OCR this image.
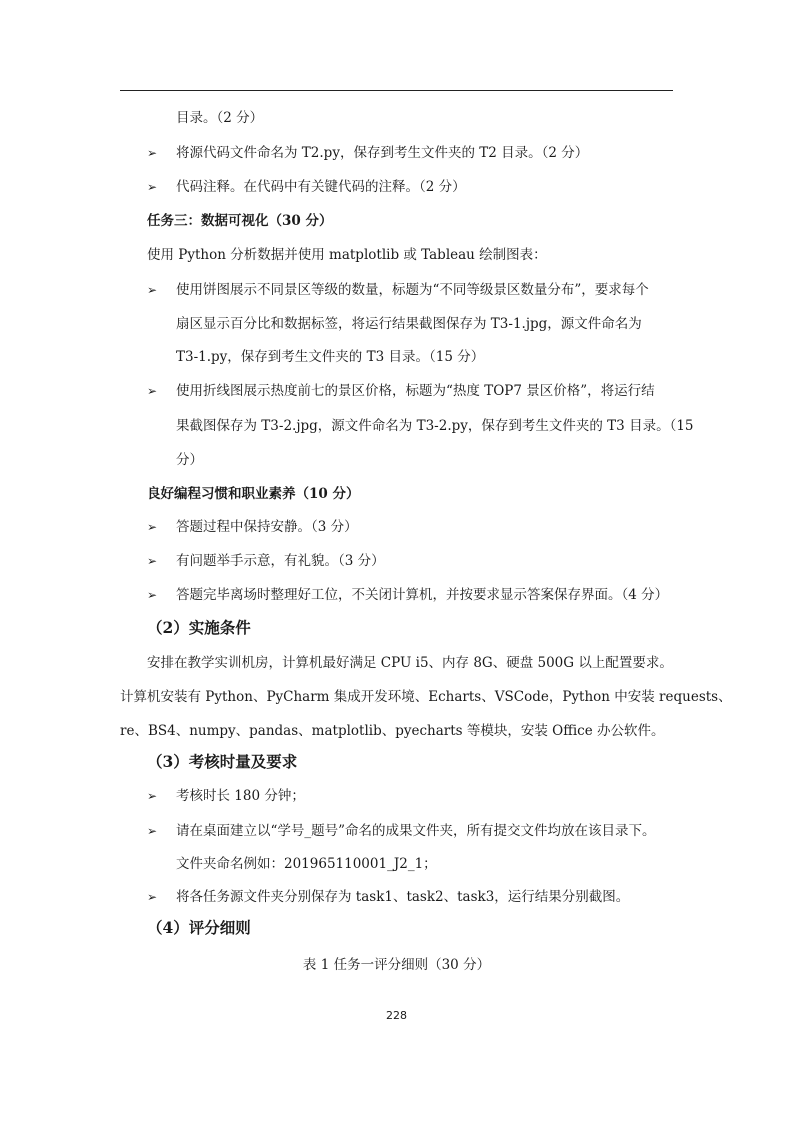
目录。（2 分）
➢ 将源代码文件命名为 T2.py，保存到考生文件夹的 T2 目录。（2 分）
➢ 代码注释。在代码中有关键代码的注释。（2 分）
任务三：数据可视化（30 分）
使用 Python 分析数据并使用 matplotlib 或 Tableau 绘制图表：
➢ 使用饼图展示不同景区等级的数量，标题为“不同等级景区数量分布”，要求每个
扇区显示百分比和数据标签，将运行结果截图保存为 T3-1.jpg，源文件命名为
T3-1.py，保存到考生文件夹的 T3 目录。（15 分）
➢ 使用折线图展示热度前七的景区价格，标题为“热度 TOP7 景区价格”，将运行结
果截图保存为 T3-2.jpg，源文件命名为 T3-2.py，保存到考生文件夹的 T3 目录。（15
分）
良好编程习惯和职业素养（10 分）
➢ 答题过程中保持安静。（3 分）
➢ 有问题举手示意，有礼貌。（3 分）
➢ 答题完毕离场时整理好工位，不关闭计算机，并按要求显示答案保存界面。（4 分）
（2）实施条件
安排在教学实训机房，计算机最好满足 CPU i5、内存 8G、硬盘 500G 以上配置要求。
计算机安装有 Python、PyCharm 集成开发环境、Echarts、VSCode，Python 中安装 requests、
re、BS4、numpy、pandas、matplotlib、pyecharts 等模块，安装 Office 办公软件。
（3）考核时量及要求
➢ 考核时长 180 分钟；
➢ 请在桌面建立以“学号_题号”命名的成果文件夹，所有提交文件均放在该目录下。
文件夹命名例如：201965110001_J2_1；
➢ 将各任务源文件夹分别保存为 task1、task2、task3，运行结果分别截图。
（4）评分细则
表 1 任务一评分细则（30 分）
228
